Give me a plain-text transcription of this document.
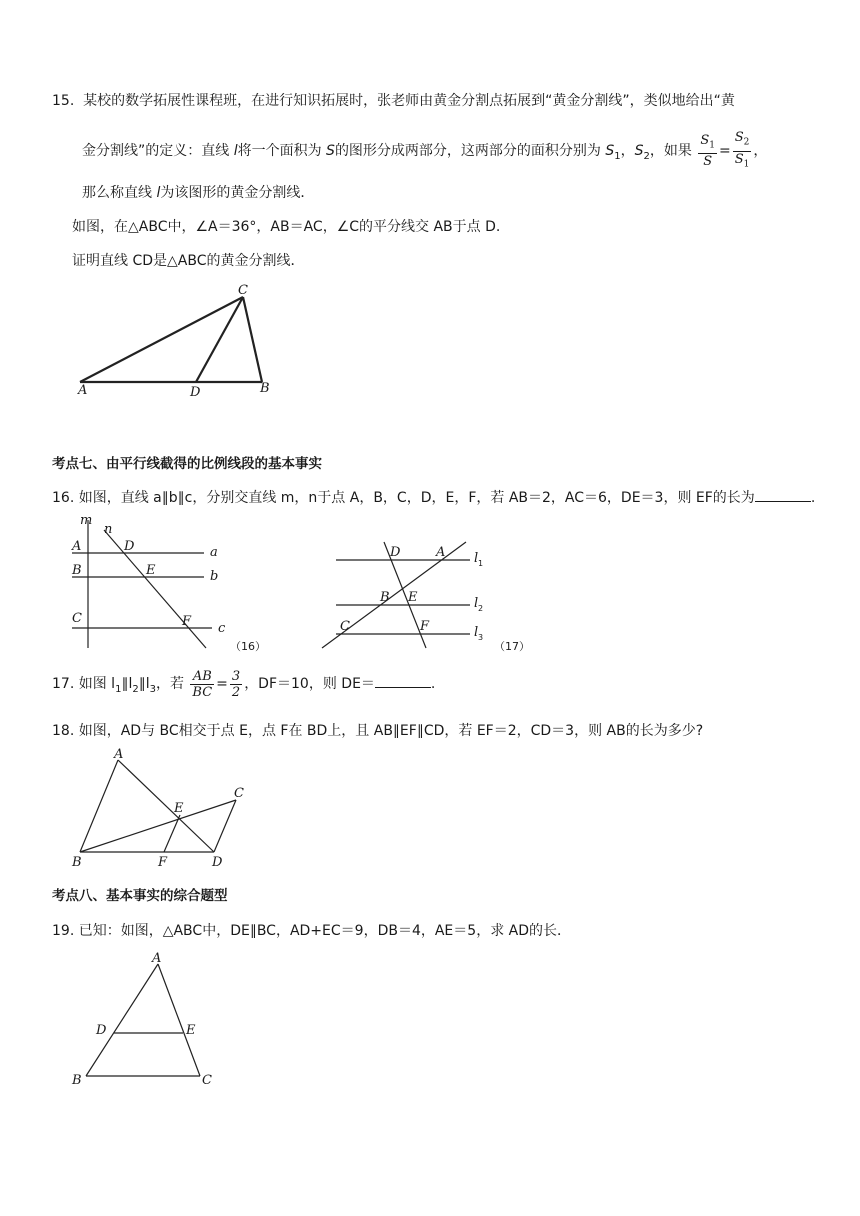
15. 某校的数学拓展性课程班，在进行知识拓展时，张老师由黄金分割点拓展到“黄金分割线”，类似地给出“黄
金分割线”的定义：直线 l将一个面积为 S的图形分成两部分，这两部分的面积分别为 $S_1$，$S_2$，如果 $\frac{S_1}{S} = \frac{S_2}{S_1}$ ，
那么称直线 l为该图形的黄金分割线．
如图，在△ABC中，∠A＝36°，AB＝AC，∠C的平分线交 AB于点 D.
证明直线 CD是△ABC的黄金分割线．
C
A	D	B
考点七、由平行线截得的比例线段的基本事实
16. 如图，直线 a∥b∥c，分别交直线 m，n于点 A，B，C，D，E，F，若 AB＝2，AC＝6，DE＝3，则 EF的长为	.
m
n
A	D	a
B	E	b
C	F c
（16）
D	A l 1
B E	l 2
C	F	l 3
（17）
17. 如图 $l_1\parallel l_2\parallel l_3$，若 $\frac{AB}{BC} = \frac{3}{2}$ ，DF＝10，则 DE＝	.
18. 如图，AD与 BC相交于点 E，点 F在 BD上，且 AB∥EF∥CD，若 EF＝2，CD＝3，则 AB的长为多少?
A
E
C
B	F	D
考点八、基本事实的综合题型
19. 已知：如图，△ABC中，DE∥BC，AD+EC＝9，DB＝4，AE＝5，求 AD的长．
A
D	E
B	C
